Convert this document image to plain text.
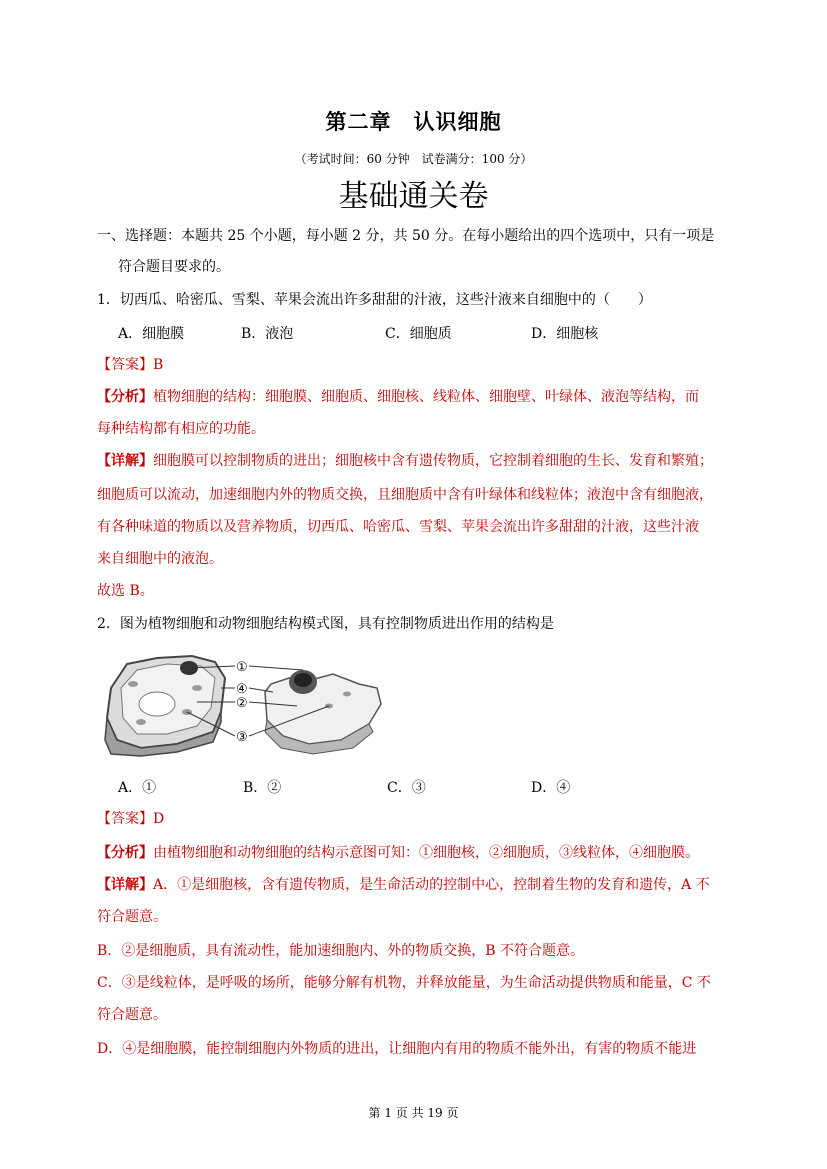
第二章　认识细胞
（考试时间：60 分钟　试卷满分：100 分）
基础通关卷
一、选择题：本题共 25 个小题，每小题 2 分，共 50 分。在每小题给出的四个选项中，只有一项是
符合题目要求的。
1．切西瓜、哈密瓜、雪梨、苹果会流出许多甜甜的汁液，这些汁液来自细胞中的（　　）
A．细胞膜	B．液泡	C．细胞质	D．细胞核
【答案】B
【分析】植物细胞的结构：细胞膜、细胞质、细胞核、线粒体、细胞壁、叶绿体、液泡等结构，而
每种结构都有相应的功能。
【详解】细胞膜可以控制物质的进出；细胞核中含有遗传物质，它控制着细胞的生长、发育和繁殖；
细胞质可以流动，加速细胞内外的物质交换，且细胞质中含有叶绿体和线粒体；液泡中含有细胞液，
有各种味道的物质以及营养物质，切西瓜、哈密瓜、雪梨、苹果会流出许多甜甜的汁液，这些汁液
来自细胞中的液泡。
故选 B。
2．图为植物细胞和动物细胞结构模式图，具有控制物质进出作用的结构是
①
④
②
③
A．①	B．②	C．③	D．④
【答案】D
【分析】由植物细胞和动物细胞的结构示意图可知：①细胞核，②细胞质，③线粒体，④细胞膜。
【详解】A．①是细胞核，含有遗传物质，是生命活动的控制中心，控制着生物的发育和遗传，A 不
符合题意。
B．②是细胞质，具有流动性，能加速细胞内、外的物质交换，B 不符合题意。
C．③是线粒体，是呼吸的场所，能够分解有机物，并释放能量，为生命活动提供物质和能量，C 不
符合题意。
D．④是细胞膜，能控制细胞内外物质的进出，让细胞内有用的物质不能外出，有害的物质不能进
第 1 页 共 19 页
